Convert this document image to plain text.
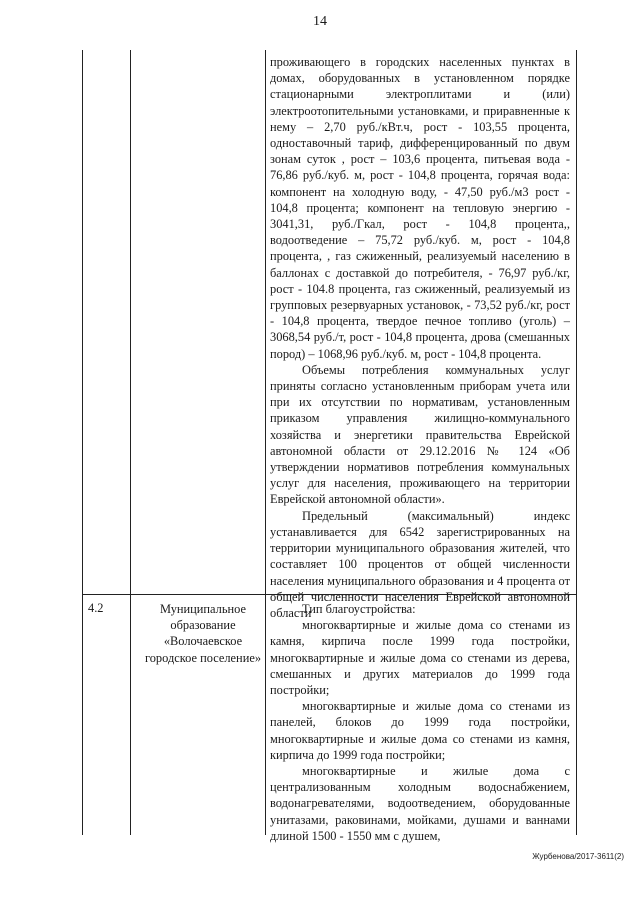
14

проживающего в городских населенных пунктах в домах, оборудованных в установленном порядке стационарными электроплитами и (или) электроотопительными установками, и приравненные к нему – 2,70 руб./кВт.ч, рост - 103,55 процента, одноставочный тариф, дифференцированный по двум зонам суток , рост – 103,6 процента, питьевая вода - 76,86 руб./куб. м, рост - 104,8 процента, горячая вода: компонент на холодную воду, - 47,50 руб./м3 рост - 104,8 процента; компонент на тепловую энергию - 3041,31, руб./Гкал, рост - 104,8 процента,, водоотведение – 75,72 руб./куб. м, рост - 104,8 процента, , газ сжиженный, реализуемый населению в баллонах с доставкой до потребителя, - 76,97 руб./кг, рост - 104.8 процента, газ сжиженный, реализуемый из групповых резервуарных установок, - 73,52 руб./кг, рост - 104,8 процента, твердое печное топливо (уголь) – 3068,54 руб./т, рост - 104,8 процента, дрова (смешанных пород) – 1068,96 руб./куб. м, рост - 104,8 процента.

Объемы потребления коммунальных услуг приняты согласно установленным приборам учета или при их отсутствии по нормативам, установленным приказом управления жилищно-коммунального хозяйства и энергетики правительства Еврейской автономной области от 29.12.2016 № 124 «Об утверждении нормативов потребления коммунальных услуг для населения, проживающего на территории Еврейской автономной области».

Предельный (максимальный) индекс устанавливается для 6542 зарегистрированных на территории муниципального образования жителей, что составляет 100 процентов от общей численности населения муниципального образования и 4 процента от общей численности населения Еврейской автономной области

4.2	Муниципальное образование «Волочаевское городское поселение»

Тип благоустройства:

многоквартирные и жилые дома со стенами из камня, кирпича после 1999 года постройки, многоквартирные и жилые дома со стенами из дерева, смешанных и других материалов до 1999 года постройки;

многоквартирные и жилые дома со стенами из панелей, блоков до 1999 года постройки, многоквартирные и жилые дома со стенами из камня, кирпича до 1999 года постройки;

многоквартирные и жилые дома с централизованным холодным водоснабжением, водонагревателями, водоотведением, оборудованные унитазами, раковинами, мойками, душами и ваннами длиной 1500 - 1550 мм с душем,

Журбенова/2017-3611(2)
